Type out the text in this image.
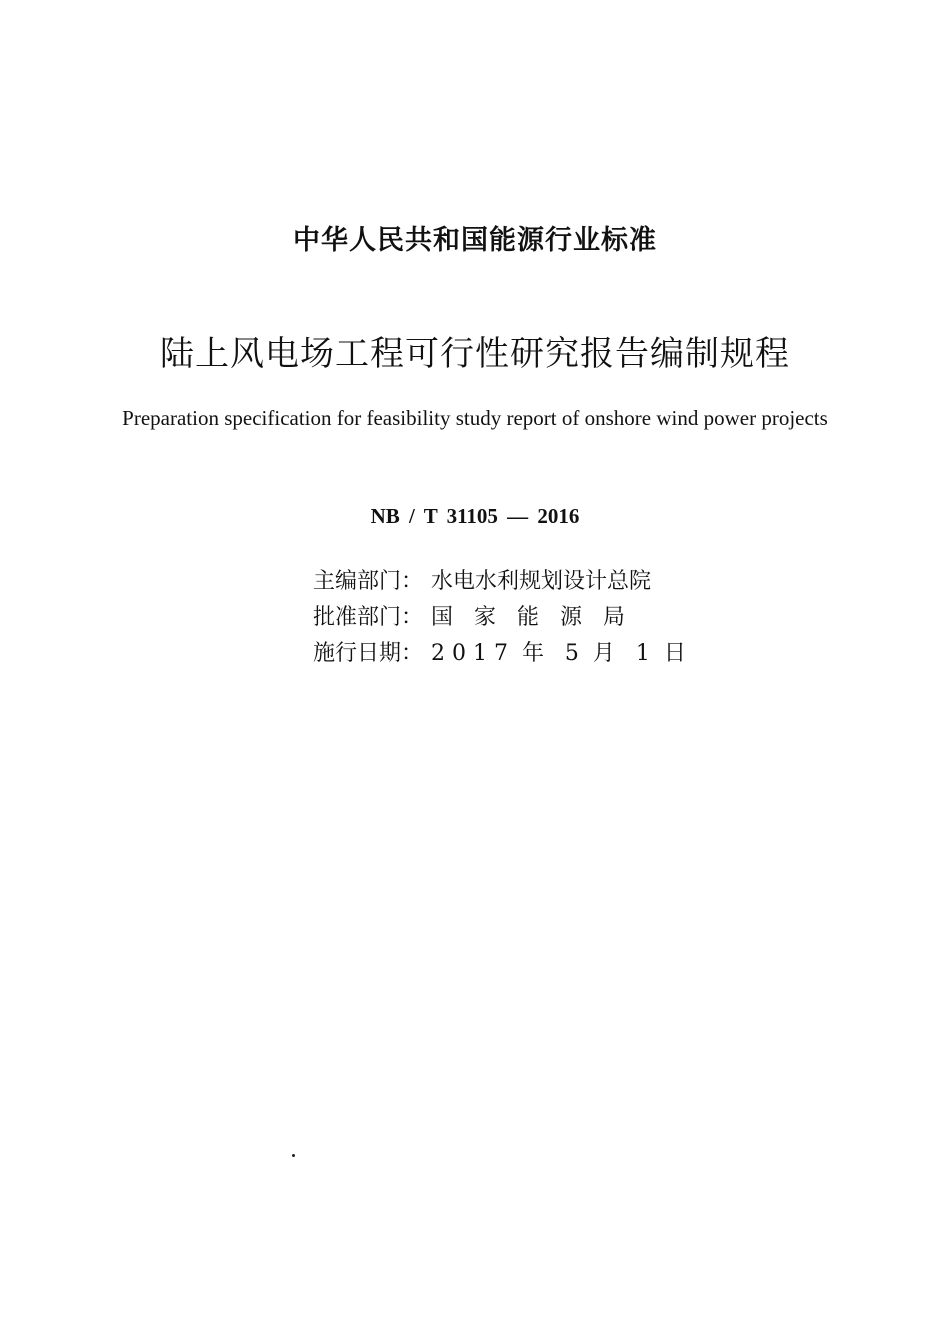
中华人民共和国能源行业标准
陆上风电场工程可行性研究报告编制规程
Preparation specification for feasibility study report of onshore wind power projects
NB / T 31105 — 2016
主编部门： 水电水利规划设计总院
批准部门： 国   家   能   源   局
施行日期： 2 0 1 7  年   5  月   1  日
